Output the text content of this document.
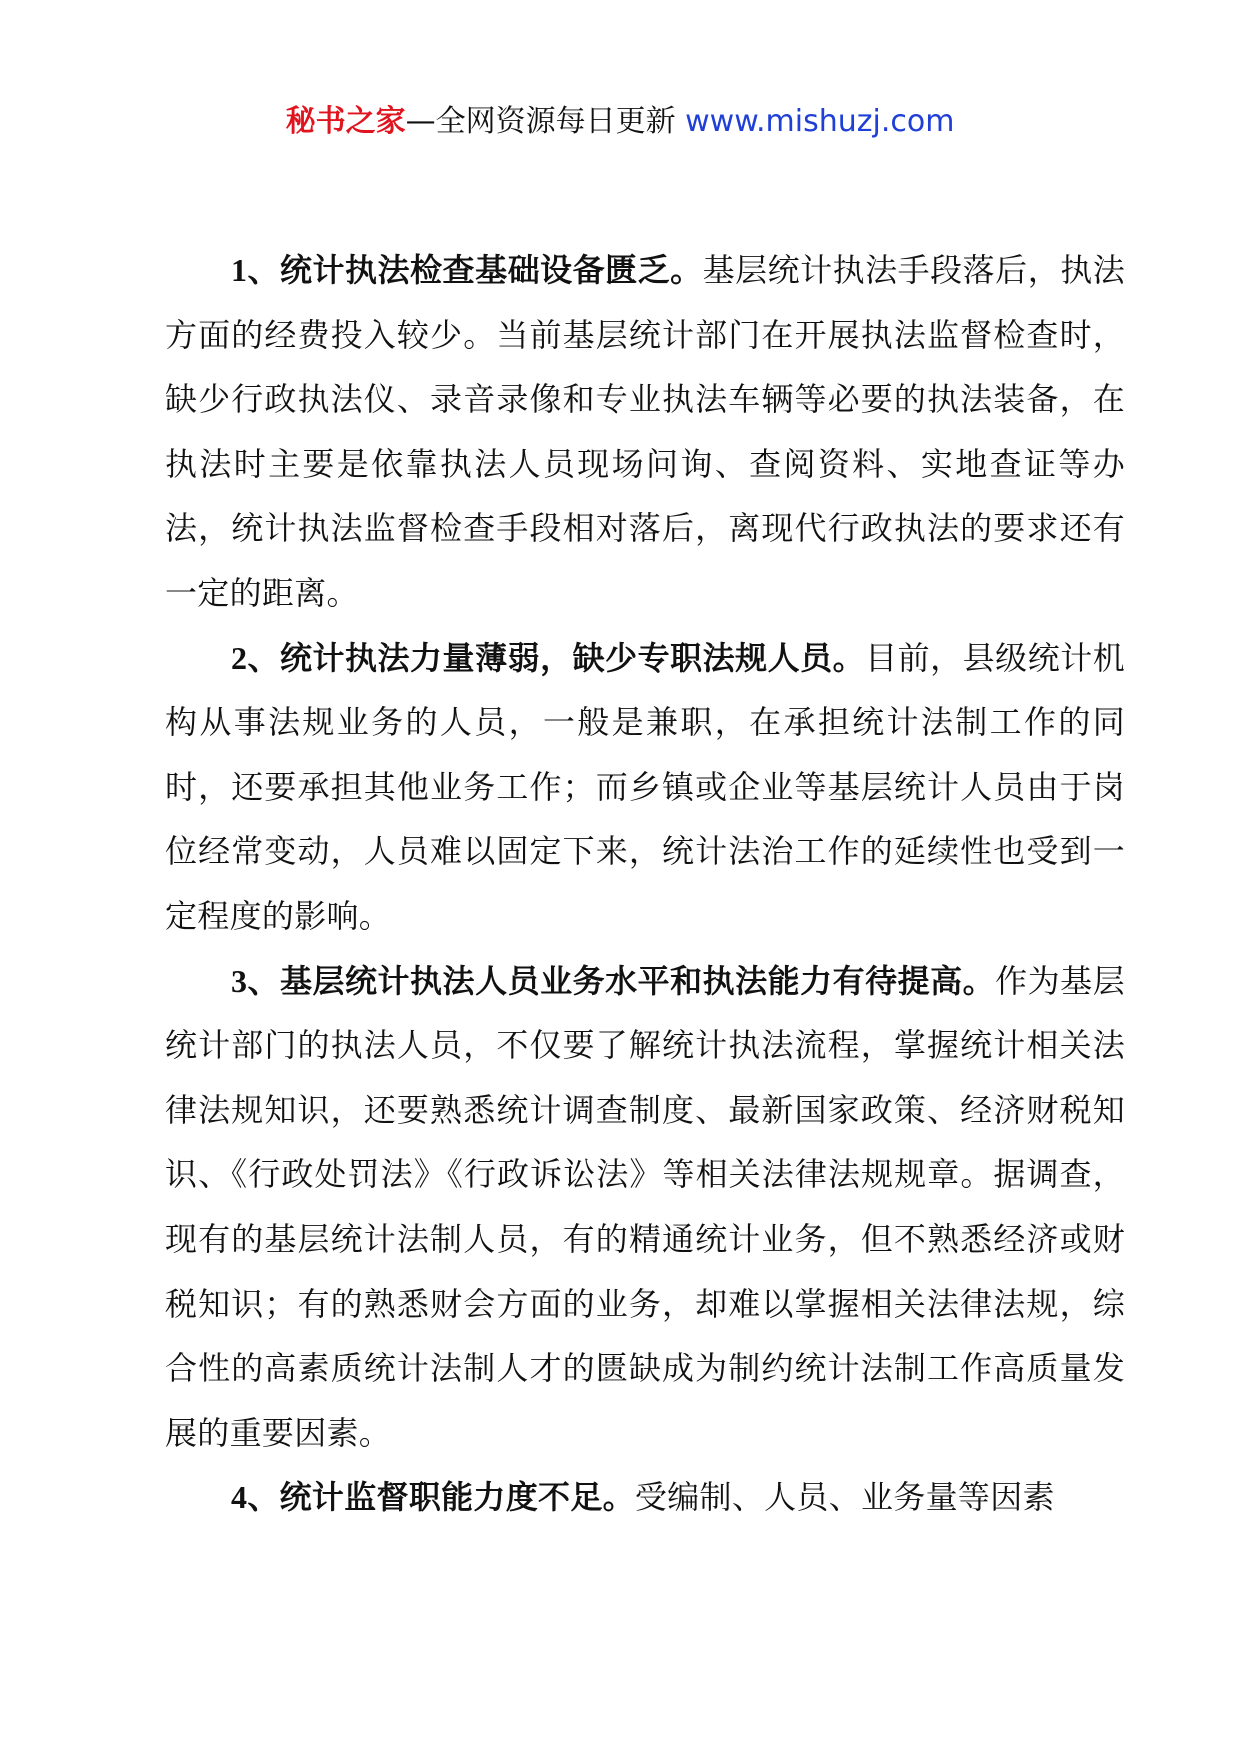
秘书之家—全网资源每日更新 www.mishuzj.com

1、统计执法检查基础设备匮乏。基层统计执法手段落后，执法方面的经费投入较少。当前基层统计部门在开展执法监督检查时，缺少行政执法仪、录音录像和专业执法车辆等必要的执法装备，在执法时主要是依靠执法人员现场问询、查阅资料、实地查证等办法，统计执法监督检查手段相对落后，离现代行政执法的要求还有一定的距离。

2、统计执法力量薄弱，缺少专职法规人员。目前，县级统计机构从事法规业务的人员，一般是兼职，在承担统计法制工作的同时，还要承担其他业务工作；而乡镇或企业等基层统计人员由于岗位经常变动，人员难以固定下来，统计法治工作的延续性也受到一定程度的影响。

3、基层统计执法人员业务水平和执法能力有待提高。作为基层统计部门的执法人员，不仅要了解统计执法流程，掌握统计相关法律法规知识，还要熟悉统计调查制度、最新国家政策、经济财税知识、《行政处罚法》《行政诉讼法》等相关法律法规规章。据调查，现有的基层统计法制人员，有的精通统计业务，但不熟悉经济或财税知识；有的熟悉财会方面的业务，却难以掌握相关法律法规，综合性的高素质统计法制人才的匮缺成为制约统计法制工作高质量发展的重要因素。

4、统计监督职能力度不足。受编制、人员、业务量等因素
